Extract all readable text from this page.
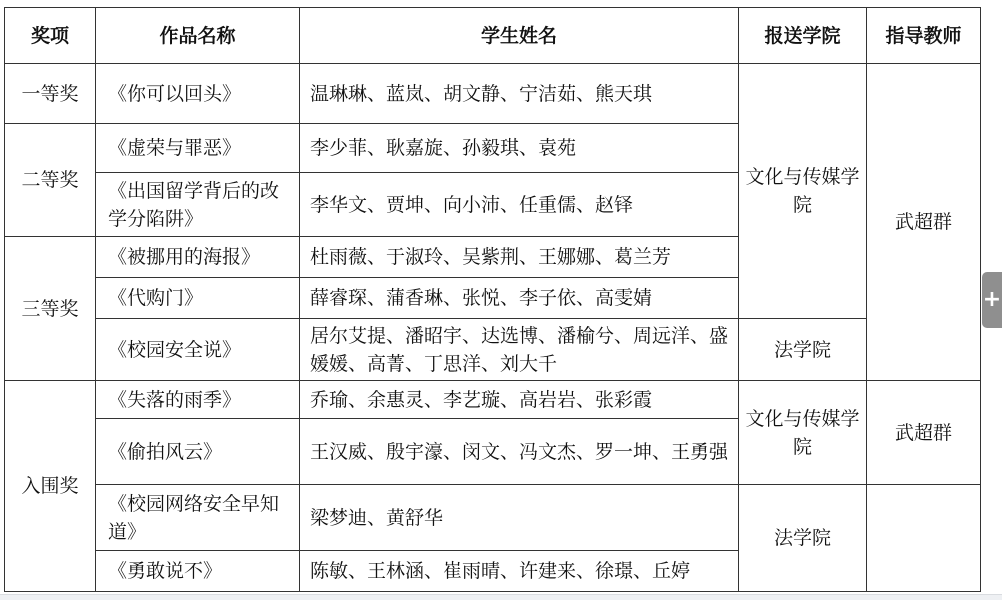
奖项	作品名称	学生姓名	报送学院	指导教师
一等奖	《你可以回头》	温琳琳、蓝岚、胡文静、宁洁茹、熊天琪	文化与传媒学院	武超群
二等奖	《虚荣与罪恶》	李少菲、耿嘉旋、孙毅琪、袁苑		
	《出国留学背后的改学分陷阱》	李华文、贾坤、向小沛、任重儒、赵铎		
三等奖	《被挪用的海报》	杜雨薇、于淑玲、吴紫荆、王娜娜、葛兰芳		
	《代购门》	薛睿琛、蒲香琳、张悦、李子依、高雯婧		
	《校园安全说》	居尔艾提、潘昭宇、达选博、潘榆兮、周远洋、盛媛媛、高菁、丁思洋、刘大千	法学院	
入围奖	《失落的雨季》	乔瑜、余惠灵、李艺璇、高岩岩、张彩霞	文化与传媒学院	武超群
	《偷拍风云》	王汉威、殷宇濠、闵文、冯文杰、罗一坤、王勇强		
	《校园网络安全早知道》	梁梦迪、黄舒华	法学院	
	《勇敢说不》	陈敏、王林涵、崔雨晴、许建来、徐璟、丘婷		
+
